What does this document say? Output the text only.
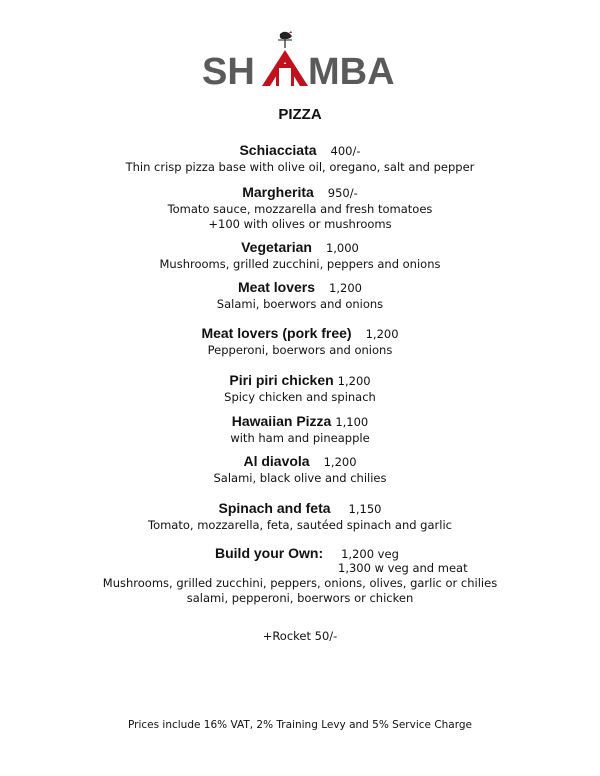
SH MBA
PIZZA
Schiacciata 400/-
Thin crisp pizza base with olive oil, oregano, salt and pepper
Margherita 950/-
Tomato sauce, mozzarella and fresh tomatoes
+100 with olives or mushrooms
Vegetarian 1,000
Mushrooms, grilled zucchini, peppers and onions
Meat lovers 1,200
Salami, boerwors and onions
Meat lovers (pork free) 1,200
Pepperoni, boerwors and onions
Piri piri chicken 1,200
Spicy chicken and spinach
Hawaiian Pizza 1,100
with ham and pineapple
Al diavola 1,200
Salami, black olive and chilies
Spinach and feta 1,150
Tomato, mozzarella, feta, sautéed spinach and garlic
Build your Own: 1,200 veg
1,300 w veg and meat
Mushrooms, grilled zucchini, peppers, onions, olives, garlic or chilies
salami, pepperoni, boerwors or chicken
+Rocket 50/-
Prices include 16% VAT, 2% Training Levy and 5% Service Charge
